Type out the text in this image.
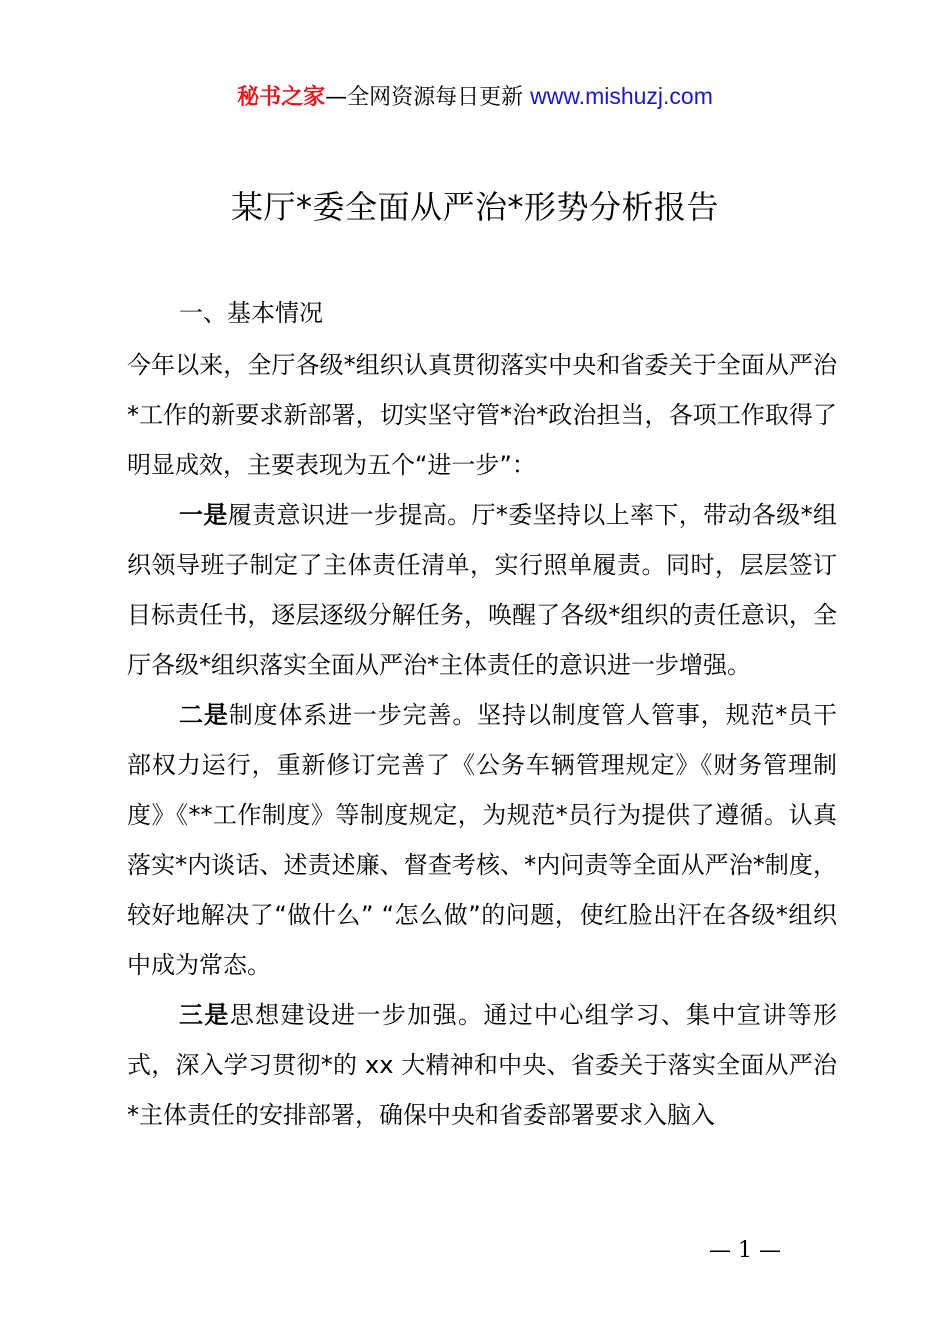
秘书之家—全网资源每日更新 www.mishuzj.com
某厅*委全面从严治*形势分析报告

一、基本情况

今年以来，全厅各级*组织认真贯彻落实中央和省委关于全面从严治*工作的新要求新部署，切实坚守管*治*政治担当，各项工作取得了明显成效，主要表现为五个“进一步”：

一是履责意识进一步提高。厅*委坚持以上率下，带动各级*组织领导班子制定了主体责任清单，实行照单履责。同时，层层签订目标责任书，逐层逐级分解任务，唤醒了各级*组织的责任意识，全厅各级*组织落实全面从严治*主体责任的意识进一步增强。

二是制度体系进一步完善。坚持以制度管人管事，规范*员干部权力运行，重新修订完善了《公务车辆管理规定》《财务管理制度》《**工作制度》等制度规定，为规范*员行为提供了遵循。认真落实*内谈话、述责述廉、督查考核、*内问责等全面从严治*制度，较好地解决了“做什么” “怎么做”的问题，使红脸出汗在各级*组织中成为常态。

三是思想建设进一步加强。通过中心组学习、集中宣讲等形式，深入学习贯彻*的 xx 大精神和中央、省委关于落实全面从严治*主体责任的安排部署，确保中央和省委部署要求入脑入

— 1 —
